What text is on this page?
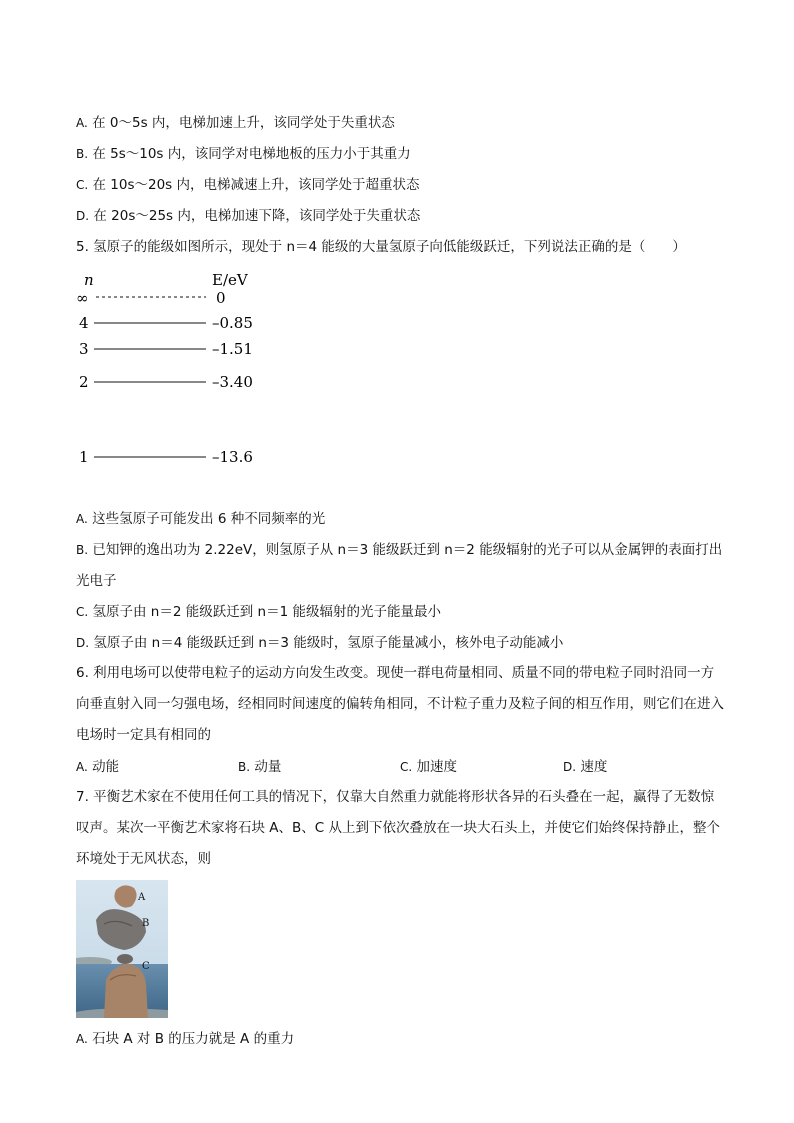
A. 在 0～5s 内，电梯加速上升，该同学处于失重状态
B. 在 5s～10s 内，该同学对电梯地板的压力小于其重力
C. 在 10s～20s 内，电梯减速上升，该同学处于超重状态
D. 在 20s～25s 内，电梯加速下降，该同学处于失重状态
5. 氢原子的能级如图所示，现处于 n＝4 能级的大量氢原子向低能级跃迁，下列说法正确的是（　　）
n	E/eV
∞	0
4	–0.85
3	–1.51
2	–3.40
1	–13.6
A. 这些氢原子可能发出 6 种不同频率的光
B. 已知钾的逸出功为 2.22eV，则氢原子从 n＝3 能级跃迁到 n＝2 能级辐射的光子可以从金属钾的表面打出
光电子
C. 氢原子由 n＝2 能级跃迁到 n＝1 能级辐射的光子能量最小
D. 氢原子由 n＝4 能级跃迁到 n＝3 能级时，氢原子能量减小，核外电子动能减小
6. 利用电场可以使带电粒子的运动方向发生改变。现使一群电荷量相同、质量不同的带电粒子同时沿同一方向垂直射入同一匀强电场，经相同时间速度的偏转角相同，不计粒子重力及粒子间的相互作用，则它们在进入电场时一定具有相同的
A. 动能	B. 动量	C. 加速度	D. 速度
7. 平衡艺术家在不使用任何工具的情况下，仅靠大自然重力就能将形状各异的石头叠在一起，赢得了无数惊叹声。某次一平衡艺术家将石块 A、B、C 从上到下依次叠放在一块大石头上，并使它们始终保持静止，整个环境处于无风状态，则
A
B
C
A. 石块 A 对 B 的压力就是 A 的重力
